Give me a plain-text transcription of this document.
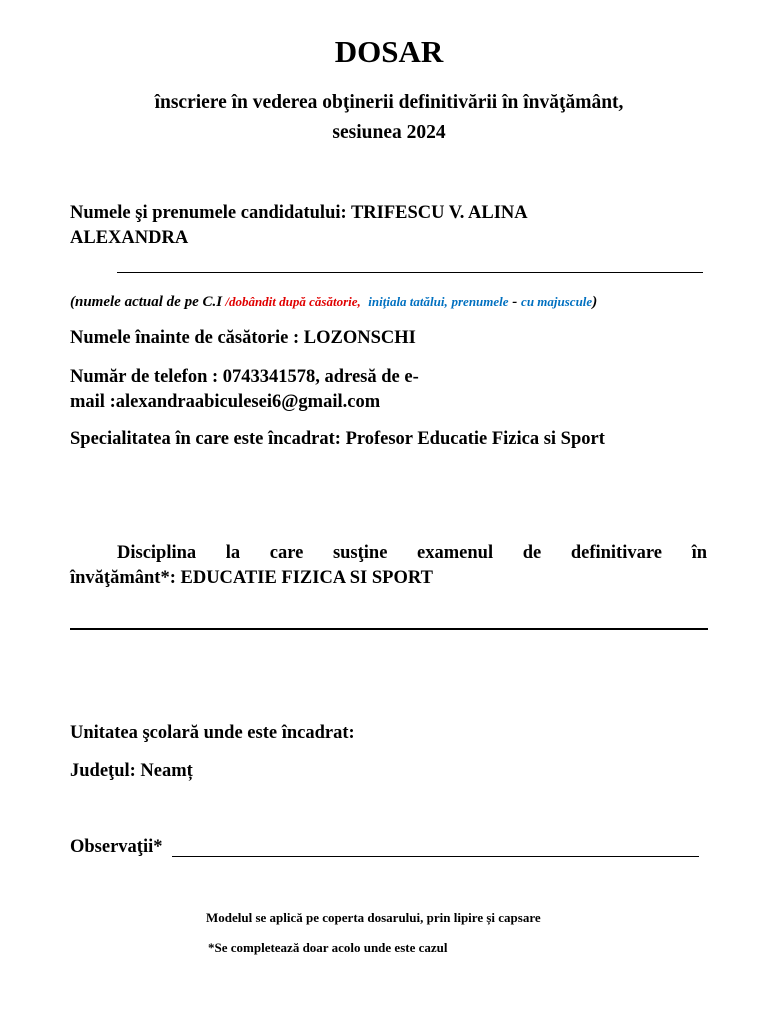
DOSAR
înscriere în vederea obţinerii definitivării în învăţământ,
sesiunea 2024
Numele şi prenumele candidatului: TRIFESCU V. ALINA
ALEXANDRA
(numele actual de pe C.I /dobândit după căsătorie, iniţiala tatălui, prenumele - cu majuscule)
Numele înainte de căsătorie : LOZONSCHI
Număr de telefon : 0743341578, adresă de e-
mail :alexandraabiculesei6@gmail.com
Specialitatea în care este încadrat: Profesor Educatie Fizica si Sport
Disciplina la care susţine examenul de definitivare în
învăţământ*: EDUCATIE FIZICA SI SPORT
Unitatea şcolară unde este încadrat:
Judeţul: Neamț
Observaţii*
Modelul se aplică pe coperta dosarului, prin lipire și capsare
*Se completează doar acolo unde este cazul
